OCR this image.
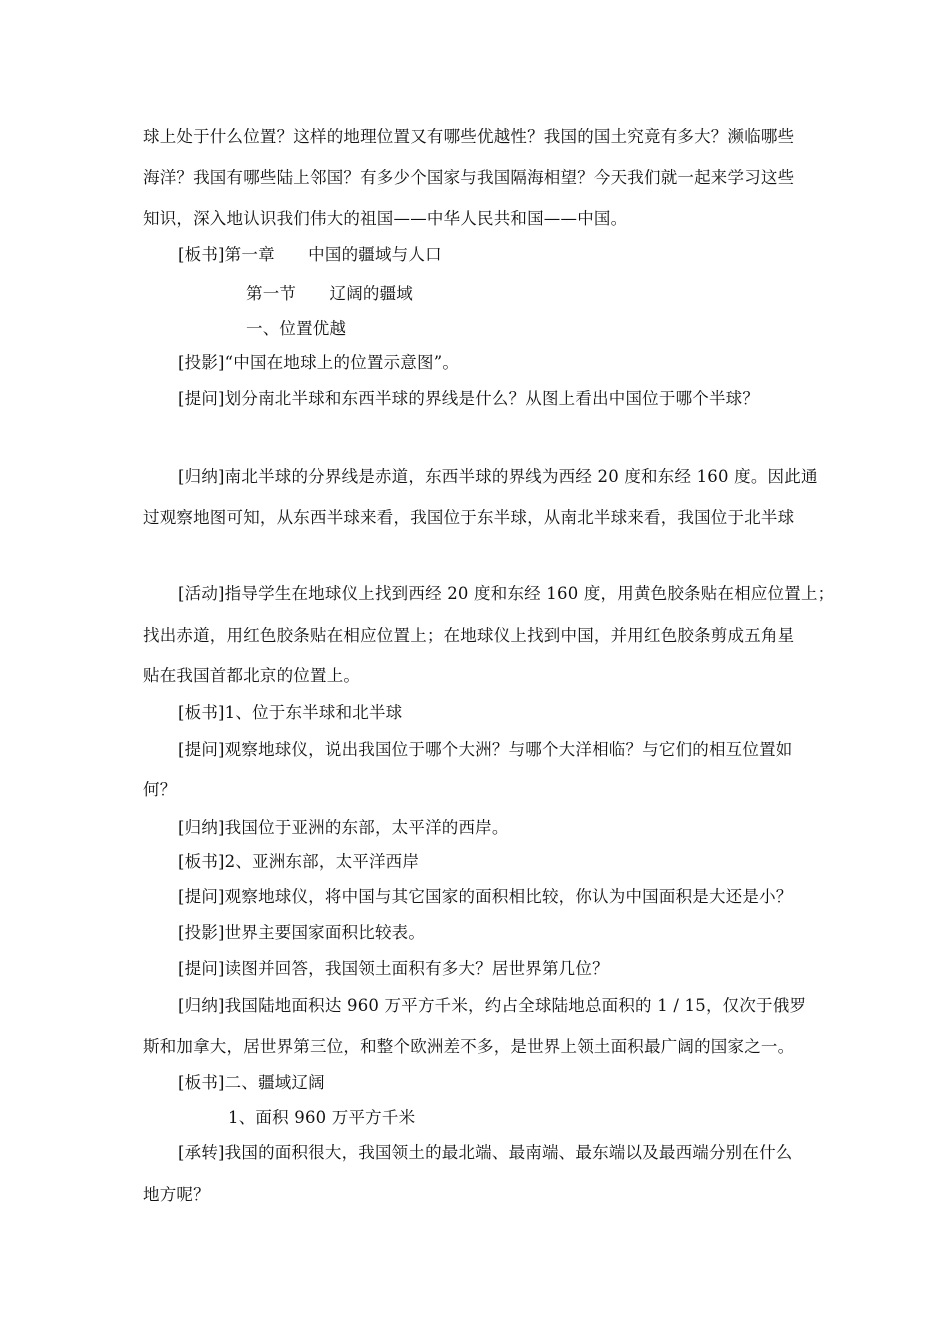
球上处于什么位置？这样的地理位置又有哪些优越性？我国的国土究竟有多大？濒临哪些
海洋？我国有哪些陆上邻国？有多少个国家与我国隔海相望？今天我们就一起来学习这些
知识，深入地认识我们伟大的祖国——中华人民共和国——中国。
[板书]第一章　　中国的疆域与人口
第一节　　辽阔的疆域
一、位置优越
[投影]“中国在地球上的位置示意图”。
[提问]划分南北半球和东西半球的界线是什么？从图上看出中国位于哪个半球？
[归纳]南北半球的分界线是赤道，东西半球的界线为西经 20 度和东经 160 度。因此通
过观察地图可知，从东西半球来看，我国位于东半球，从南北半球来看，我国位于北半球
[活动]指导学生在地球仪上找到西经 20 度和东经 160 度，用黄色胶条贴在相应位置上；
找出赤道，用红色胶条贴在相应位置上；在地球仪上找到中国，并用红色胶条剪成五角星
贴在我国首都北京的位置上。
[板书]1、位于东半球和北半球
[提问]观察地球仪，说出我国位于哪个大洲？与哪个大洋相临？与它们的相互位置如
何？
[归纳]我国位于亚洲的东部，太平洋的西岸。
[板书]2、亚洲东部，太平洋西岸
[提问]观察地球仪，将中国与其它国家的面积相比较，你认为中国面积是大还是小？
[投影]世界主要国家面积比较表。
[提问]读图并回答，我国领土面积有多大？居世界第几位？
[归纳]我国陆地面积达 960 万平方千米，约占全球陆地总面积的 1 / 15，仅次于俄罗
斯和加拿大，居世界第三位，和整个欧洲差不多，是世界上领土面积最广阔的国家之一。
[板书]二、疆域辽阔
1、面积 960 万平方千米
[承转]我国的面积很大，我国领土的最北端、最南端、最东端以及最西端分别在什么
地方呢？
